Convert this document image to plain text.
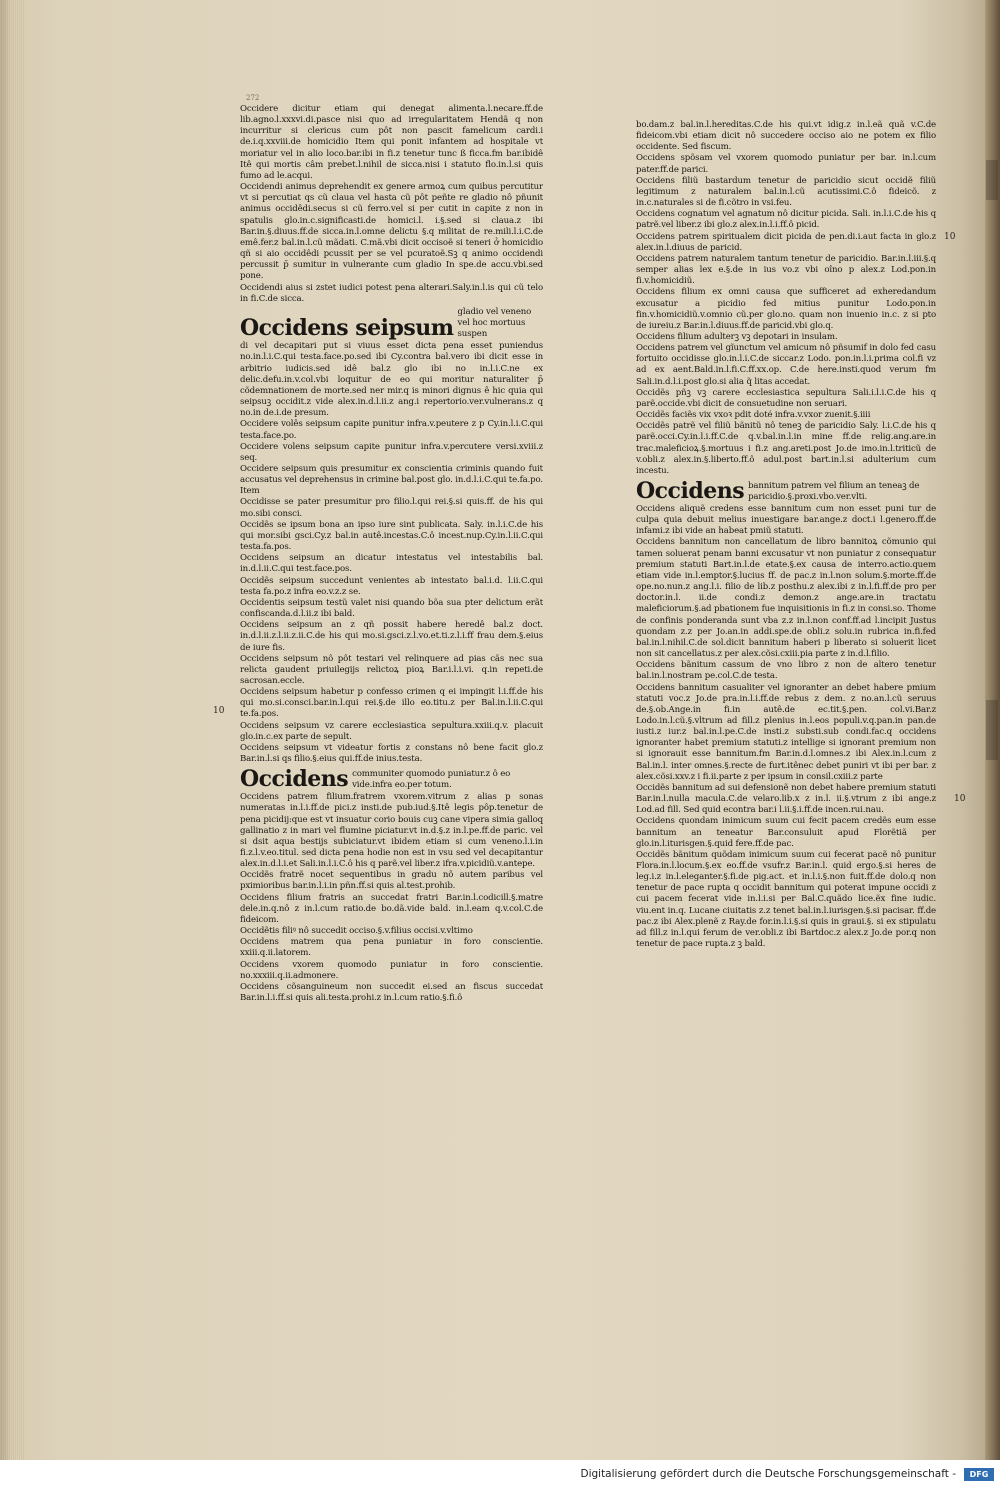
272

Occidere dicitur etiam qui denegat alimenta.l.necare.ff.de lib.agno.l.xxxvi.di.pasce nisi quo ad irregularitatem Hendã q non incurritur si clericus cum pôt non pascit famelicum cardi.i de.i.q.xxviii.de homicidio Item qui ponit infantem ad hospitale vt moriatur vel in alio loco.bar.ibi in fi.z tenetur tunc ß ficca.fm bar.ibidê Itê qui mortis câm prebet.l.nihil de sicca.nisi i statuto flo.in.l.si quis fumo ad le.acqui.

Occidendi animus deprehendit ex genere armoꝝ cum quibus percutitur vt si percutiat qs cũ claua vel hasta cũ pôt peñte re gladio nô pñunit animus occidêdi.secus si cũ ferro.vel si per cutit in capite z non in spatulis glo.in.c.significasti.de homici.l. i.§.sed si claua.z ibi Bar.in.§.diuus.ff.de sicca.in.l.omne delictu §.q militat de re.mili.l.i.C.de emê.fer.z bal.in.l.cũ mãdati. C.mã.vbi dicit occisoẽ si teneri ở homicidio qñ si aio occidêdi pcussit per se vel pcuratoẽ.Sꝫ q animo occidendi percussit p̄ sumitur in vulnerante cum gladio In spe.de accu.vbi.sed pone.

Occidendi aius si zstet iudici potest pena alterari.Saly.in.l.is qui cũ telo in fi.C.de sicca.

Occidens seipsum
gladio vel veneno vel hoc mortuus suspen

di vel decapitari put si viuus esset dicta pena esset puniendus no.in.l.i.C.qui testa.face.po.sed ibi Cy.contra bal.vero ibi dicit esse in arbitrio iudicis.sed idê bal.z glo ibi no in.l.i.C.ne ex delic.defu.in.v.col.vbi loquitur de eo qui moritur naturaliter p̄ cõdemnationem de morte.sed ner mir.q is minori dignus ê hic quia qui seipsuꝫ occidit.z vide alex.in.d.l.ii.z ang.i repertorio.ver.vulnerans.z q no.in de.i.de presum.

Occidere volês seipsum capite punitur infra.v.peutere z p Cy.in.l.i.C.qui testa.face.po.

Occidere volens seipsum capite punitur infra.v.percutere versi.xviii.z seq.

Occidere seipsum quis presumitur ex conscientia criminis quando fuit accusatus vel deprehensus in crimine bal.post glo. in.d.l.i.C.qui te.fa.po. Item

Occidisse se pater presumitur pro filio.l.qui rei.§.si quis.ff. de his qui mo.sibi consci.

Occidẽs se ipsum bona an ipso iure sint publicata. Saly. in.l.i.C.de his qui mor.sibi gsci.Cy.z bal.in autê.incestas.C.ô incest.nup.Cy.in.l.ii.C.qui testa.fa.pos.

Occidens seipsum an dicatur intestatus vel intestabilis bal. in.d.l.ii.C.qui test.face.pos.

Occidẽs seipsum succedunt venientes ab intestato bal.i.d. l.ii.C.qui testa fa.po.z infra eo.v.z.z se.

Occidentis seipsum testũ valet nisi quando bõa sua pter delictum erãt confiscanda.d.l.ii.z ibi bald.

Occidens seipsum an z qñ possit habere heredê bal.z doct. in.d.l.ii.z.l.ii.z.ii.C.de his qui mo.si.gsci.z.l.vo.et.ti.z.l.i.ff frau dem.§.eius de iure fis.

Occidens seipsum nô pôt testari vel relinquere ad pias cãs nec sua relicta gaudent priuilegijs relictoꝝ pioꝝ Bar.i.l.i.vi. q.in repeti.de sacrosan.eccle.

Occidens seipsum habetur p confesso crimen q ei impingit l.i.ff.de his qui mo.si.consci.bar.in.l.qui rei.§.de illo eo.titu.z per Bal.in.l.ii.C.qui te.fa.pos.

Occidens seipsum vz carere ecclesiastica sepultura.xxiii.q.v. placuit glo.in.c.ex parte de sepult.

Occidens seipsum vt videatur fortis z constans nô bene facit glo.z Bar.in.l.si qs filio.§.eius qui.ff.de inius.testa.

Occidens communiter quomodo puniatur.z ô eo vide.infra eo.per totum.

Occidens patrem filium.fratrem vxorem.vitrum z alias p sonas numeratas in.l.i.ff.de pici.z insti.de pub.iud.§.Itê legis pôp.tenetur de pena picidij:que est vt insuatur corio bouis cuꝫ cane vipera simia galloq gallinatio z in mari vel flumine piciatur.vt in.d.§.z in.l.pe.ff.de paric. vel si dsit aqua bestijs subiciatur.vt ibidem etiam si cum veneno.l.i.in fi.z.l.v.eo.titul. sed dicta pena hodie non est in vsu sed vel decapitantur alex.in.d.l.i.et Sali.in.l.i.C.ô his q parẽ.vel liber.z ifra.v.picidiũ.v.antepe.

Occidẽs fratrẽ nocet sequentibus in gradu nô autem paribus vel pximioribus bar.in.l.i.in pñn.ff.si quis al.test.prohib.

Occidens filium fratris an succedat fratri Bar.in.l.codicill.§.matre dele.in.q.nô z in.l.cum ratio.de bo.dã.vide bald. in.l.eam q.v.col.C.de fideicom.

Occidẽtis filiꝰ nô succedit occiso.§.v.filius occisi.v.vltimo

Occidens matrem qua pena puniatur in foro conscientie. xxiii.q.ii.latorem.

Occidens vxorem quomodo puniatur in foro conscientie. no.xxxiii.q.ii.admonere.

Occidens cõsanguineum non succedit ei.sed an fiscus succedat Bar.in.l.i.ff.si quis ali.testa.prohi.z in.l.cum ratio.§.fi.ô

10
10
10

bo.dam.z bal.in.l.hereditas.C.de his qui.vt idig.z in.l.eã quã v.C.de fideicom.vbi etiam dicit nô succedere occiso aio ne potem ex filio occidente. Sed fiscum.

Occidens spõsam vel vxorem quomodo puniatur per bar. in.l.cum pater.ff.de parici.

Occidens filiũ bastardum tenetur de paricidio sicut occidẽ filiũ legitimum z naturalem bal.in.l.cũ acutissimi.C.ô fideicõ. z in.c.naturales si de fi.cõtro in vsi.feu.

Occidens cognatum vel agnatum nô dicitur picida. Sali. in.l.i.C.de his q patrẽ.vel liber.z ibi glo.z alex.in.l.i.ff.ô picid.

Occidens patrem spiritualem dicit picida de pen.di.i.aut facta in glo.z alex.in.l.diuus de paricid.

Occidens patrem naturalem tantum tenetur de paricidio. Bar.in.l.iii.§.q semper alias lex e.§.de in ius vo.z vbi oîno p alex.z Lod.pon.in fi.v.homicidiũ.

Occidens filium ex omni causa que sufficeret ad exheredandum excusatur a picidio fed mitius punitur Lodo.pon.in fin.v.homicidiũ.v.omnio cũ.per glo.no. quam non inuenio in.c. z si pto de iureiu.z Bar.in.l.diuus.ff.de paricid.vbi glo.q.

Occidens filium adulterꝫ vꝫ depotari in insulam.

Occidens patrem vel gĩunctum vel amicum nô pñsumif in dolo fed casu fortuito occidisse glo.in.l.i.C.de siccar.z Lodo. pon.in.l.i.prima col.fi vz ad ex aent.Bald.in.l.fi.C.ff.xx.op. C.de here.insti.quod verum fm Sali.in.d.l.i.post glo.si alia q̃ litas accedat.

Occidẽs pñꝫ vꝫ carere ecclesiastica sepultura Sali.i.l.i.C.de his q parẽ.occide.vbi dicit de consuetudine non seruari.

Occidẽs faciẽs vix vxoꝛ pdit doté infra.v.vxor zuenit.§.iiii

Occidẽs patrẽ vel filiũ bãnitũ nô teneꝫ de paricidio Saly. l.i.C.de his q parẽ.occi.Cy.in.l.i.ff.C.de q.v.bal.in.l.in mine ff.de relig.ang.are.in trac.maleficioꝝ.§.mortuus i fi.z ang.areti.post Jo.de imo.in.l.triticũ de v.obli.z alex.in.§.liberto.ff.ô adul.post bart.in.l.si adulterium cum incestu.

Occidens bannitum patrem vel filium an teneaꝫ de paricidio.§.proxi.vbo.ver.vlti.

Occidens aliquẽ credens esse bannitum cum non esset puni tur de culpa quia debuit melius inuestigare bar.ange.z doct.i l.genero.ff.de infami.z ibi vide an habeat pmiũ statuti.

Occidens bannitum non cancellatum de libro bannitoꝝ cõmunio qui tamen soluerat penam banni excusatur vt non puniatur z consequatur premium statuti Bart.in.l.de etate.§.ex causa de interro.actio.quem etiam vide in.l.emptor.§.lucius ff. de pac.z in.l.non solum.§.morte.ff.de ope.no.nun.z ang.l.i. filio de lib.z posthu.z alex.ibi z in.l.fi.ff.de pro per doctor.in.l. ii.de condi.z demon.z ange.are.in tractatu maleficiorum.§.ad pbationem fue inquisitionis in fi.z in consi.so. Thome de confinis ponderanda sunt vba z.z in.l.non conf.ff.ad l.incipit Justus quondam z.z per Jo.an.in addi.spe.de obli.z solu.in rubrica in.fi.fed bal.in.l.nihil.C.de sol.dicit bannitum haberi p liberato si soluerit licet non sit cancellatus.z per alex.cõsi.cxiii.pia parte z in.d.l.filio.

Occidens bãnitum cassum de vno libro z non de altero tenetur bal.in.l.nostram pe.col.C.de testa.

Occidens bannitum casualiter vel ignoranter an debet habere pmium statuti voc.z Jo.de pra.in.l.i.ff.de rebus z dem. z no.an.l.cũ seruus de.§.ob.Ange.in fi.in autê.de ec.tit.§.pen. col.vi.Bar.z Lodo.in.l.cũ.§.vltrum ad fill.z plenius in.l.eos populi.v.q.pan.in pan.de iusti.z iur.z bal.in.l.pe.C.de insti.z substi.sub condi.fac.q occidens ignoranter habet premium statuti.z intellige si ignorant premium non si ignorauit esse bannitum.fm Bar.in.d.l.omnes.z ibi Alex.in.l.cum z Bal.in.l. inter omnes.§.recte de furt.itênec debet puniri vt ibi per bar. z alex.cõsi.xxv.z i fi.ii.parte z per ipsum in consil.cxiii.z parte

Occidẽs bannitum ad sui defensionẽ non debet habere premium statuti Bar.in.l.nulla macula.C.de velaro.lib.x z in.l. ii.§.vtrum z ibi ange.z Lod.ad fill. Sed quid econtra bar.i l.ii.§.i.ff.de incen.rui.nau.

Occidens quondam inimicum suum cui fecit pacem credẽs eum esse bannitum an teneatur Bar.consuluit apud Florẽtiã per glo.in.l.iturisgen.§.quid fere.ff.de pac.

Occidẽs bãnitum quõdam inimicum suum cui fecerat pacẽ nô punitur Flora.in.l.locum.§.ex eo.ff.de vsufr.z Bar.in.l. quid ergo.§.si heres de leg.i.z in.l.eleganter.§.fi.de pig.act. et in.l.i.§.non fuit.ff.de dolo.q non tenetur de pace rupta q occidit bannitum qui poterat impune occidi z cui pacem fecerat vide in.l.i.si per Bal.C.quãdo lice.ẽx fine iudic. viu.ent in.q. Lucane ciuitatis z.z tenet bal.in.l.iurisgen.§.si pacisar. ff.de pac.z ibi Alex.plenẽ z Ray.de for.in.l.i.§.si quis in graui.§. si ex stipulatu ad fill.z in.l.qui ferum de ver.obli.z ibi Bartdoc.z alex.z Jo.de por.q non tenetur de pace rupta.z ꝫ bald.

Digitalisierung gefördert durch die Deutsche Forschungsgemeinschaft -	DFG
